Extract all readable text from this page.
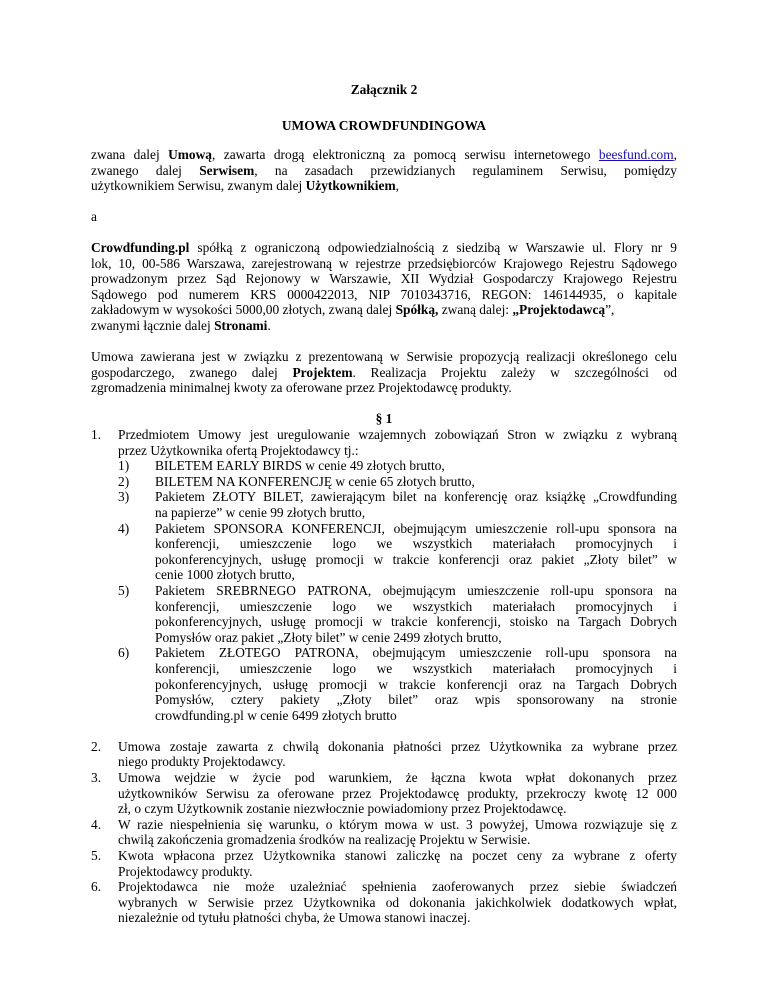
Załącznik 2
UMOWA CROWDFUNDINGOWA
zwana dalej Umową, zawarta drogą elektroniczną za pomocą serwisu internetowego beesfund.com,
zwanego dalej Serwisem, na zasadach przewidzianych regulaminem Serwisu, pomiędzy
użytkownikiem Serwisu, zwanym dalej Użytkownikiem,
a
Crowdfunding.pl spółką z ograniczoną odpowiedzialnością z siedzibą w Warszawie ul. Flory nr 9
lok, 10, 00-586 Warszawa, zarejestrowaną w rejestrze przedsiębiorców Krajowego Rejestru Sądowego
prowadzonym przez Sąd Rejonowy w Warszawie, XII Wydział Gospodarczy Krajowego Rejestru
Sądowego pod numerem KRS 0000422013, NIP 7010343716, REGON: 146144935, o kapitale
zakładowym w wysokości 5000,00 złotych, zwaną dalej Spółką, zwaną dalej: „Projektodawcą”,
zwanymi łącznie dalej Stronami.
Umowa zawierana jest w związku z prezentowaną w Serwisie propozycją realizacji określonego celu
gospodarczego, zwanego dalej Projektem. Realizacja Projektu zależy w szczególności od
zgromadzenia minimalnej kwoty za oferowane przez Projektodawcę produkty.
§ 1
1.	Przedmiotem Umowy jest uregulowanie wzajemnych zobowiązań Stron w związku z wybraną
przez Użytkownika ofertą Projektodawcy tj.:
1)	BILETEM EARLY BIRDS w cenie 49 złotych brutto,
2)	BILETEM NA KONFERENCJĘ w cenie 65 złotych brutto,
3)	Pakietem ZŁOTY BILET, zawierającym bilet na konferencję oraz książkę „Crowdfunding
na papierze” w cenie 99 złotych brutto,
4)	Pakietem SPONSORA KONFERENCJI, obejmującym umieszczenie roll-upu sponsora na
konferencji, umieszczenie logo we wszystkich materiałach promocyjnych i
pokonferencyjnych, usługę promocji w trakcie konferencji oraz pakiet „Złoty bilet” w
cenie 1000 złotych brutto,
5)	Pakietem SREBRNEGO PATRONA, obejmującym umieszczenie roll-upu sponsora na
konferencji, umieszczenie logo we wszystkich materiałach promocyjnych i
pokonferencyjnych, usługę promocji w trakcie konferencji, stoisko na Targach Dobrych
Pomysłów oraz pakiet „Złoty bilet” w cenie 2499 złotych brutto,
6)	Pakietem ZŁOTEGO PATRONA, obejmującym umieszczenie roll-upu sponsora na
konferencji, umieszczenie logo we wszystkich materiałach promocyjnych i
pokonferencyjnych, usługę promocji w trakcie konferencji oraz na Targach Dobrych
Pomysłów, cztery pakiety „Złoty bilet” oraz wpis sponsorowany na stronie
crowdfunding.pl w cenie 6499 złotych brutto
2.	Umowa zostaje zawarta z chwilą dokonania płatności przez Użytkownika za wybrane przez
niego produkty Projektodawcy.
3.	Umowa wejdzie w życie pod warunkiem, że łączna kwota wpłat dokonanych przez
użytkowników Serwisu za oferowane przez Projektodawcę produkty, przekroczy kwotę 12 000
zł, o czym Użytkownik zostanie niezwłocznie powiadomiony przez Projektodawcę.
4.	W razie niespełnienia się warunku, o którym mowa w ust. 3 powyżej, Umowa rozwiązuje się z
chwilą zakończenia gromadzenia środków na realizację Projektu w Serwisie.
5.	Kwota wpłacona przez Użytkownika stanowi zaliczkę na poczet ceny za wybrane z oferty
Projektodawcy produkty.
6.	Projektodawca nie może uzależniać spełnienia zaoferowanych przez siebie świadczeń
wybranych w Serwisie przez Użytkownika od dokonania jakichkolwiek dodatkowych wpłat,
niezależnie od tytułu płatności chyba, że Umowa stanowi inaczej.
